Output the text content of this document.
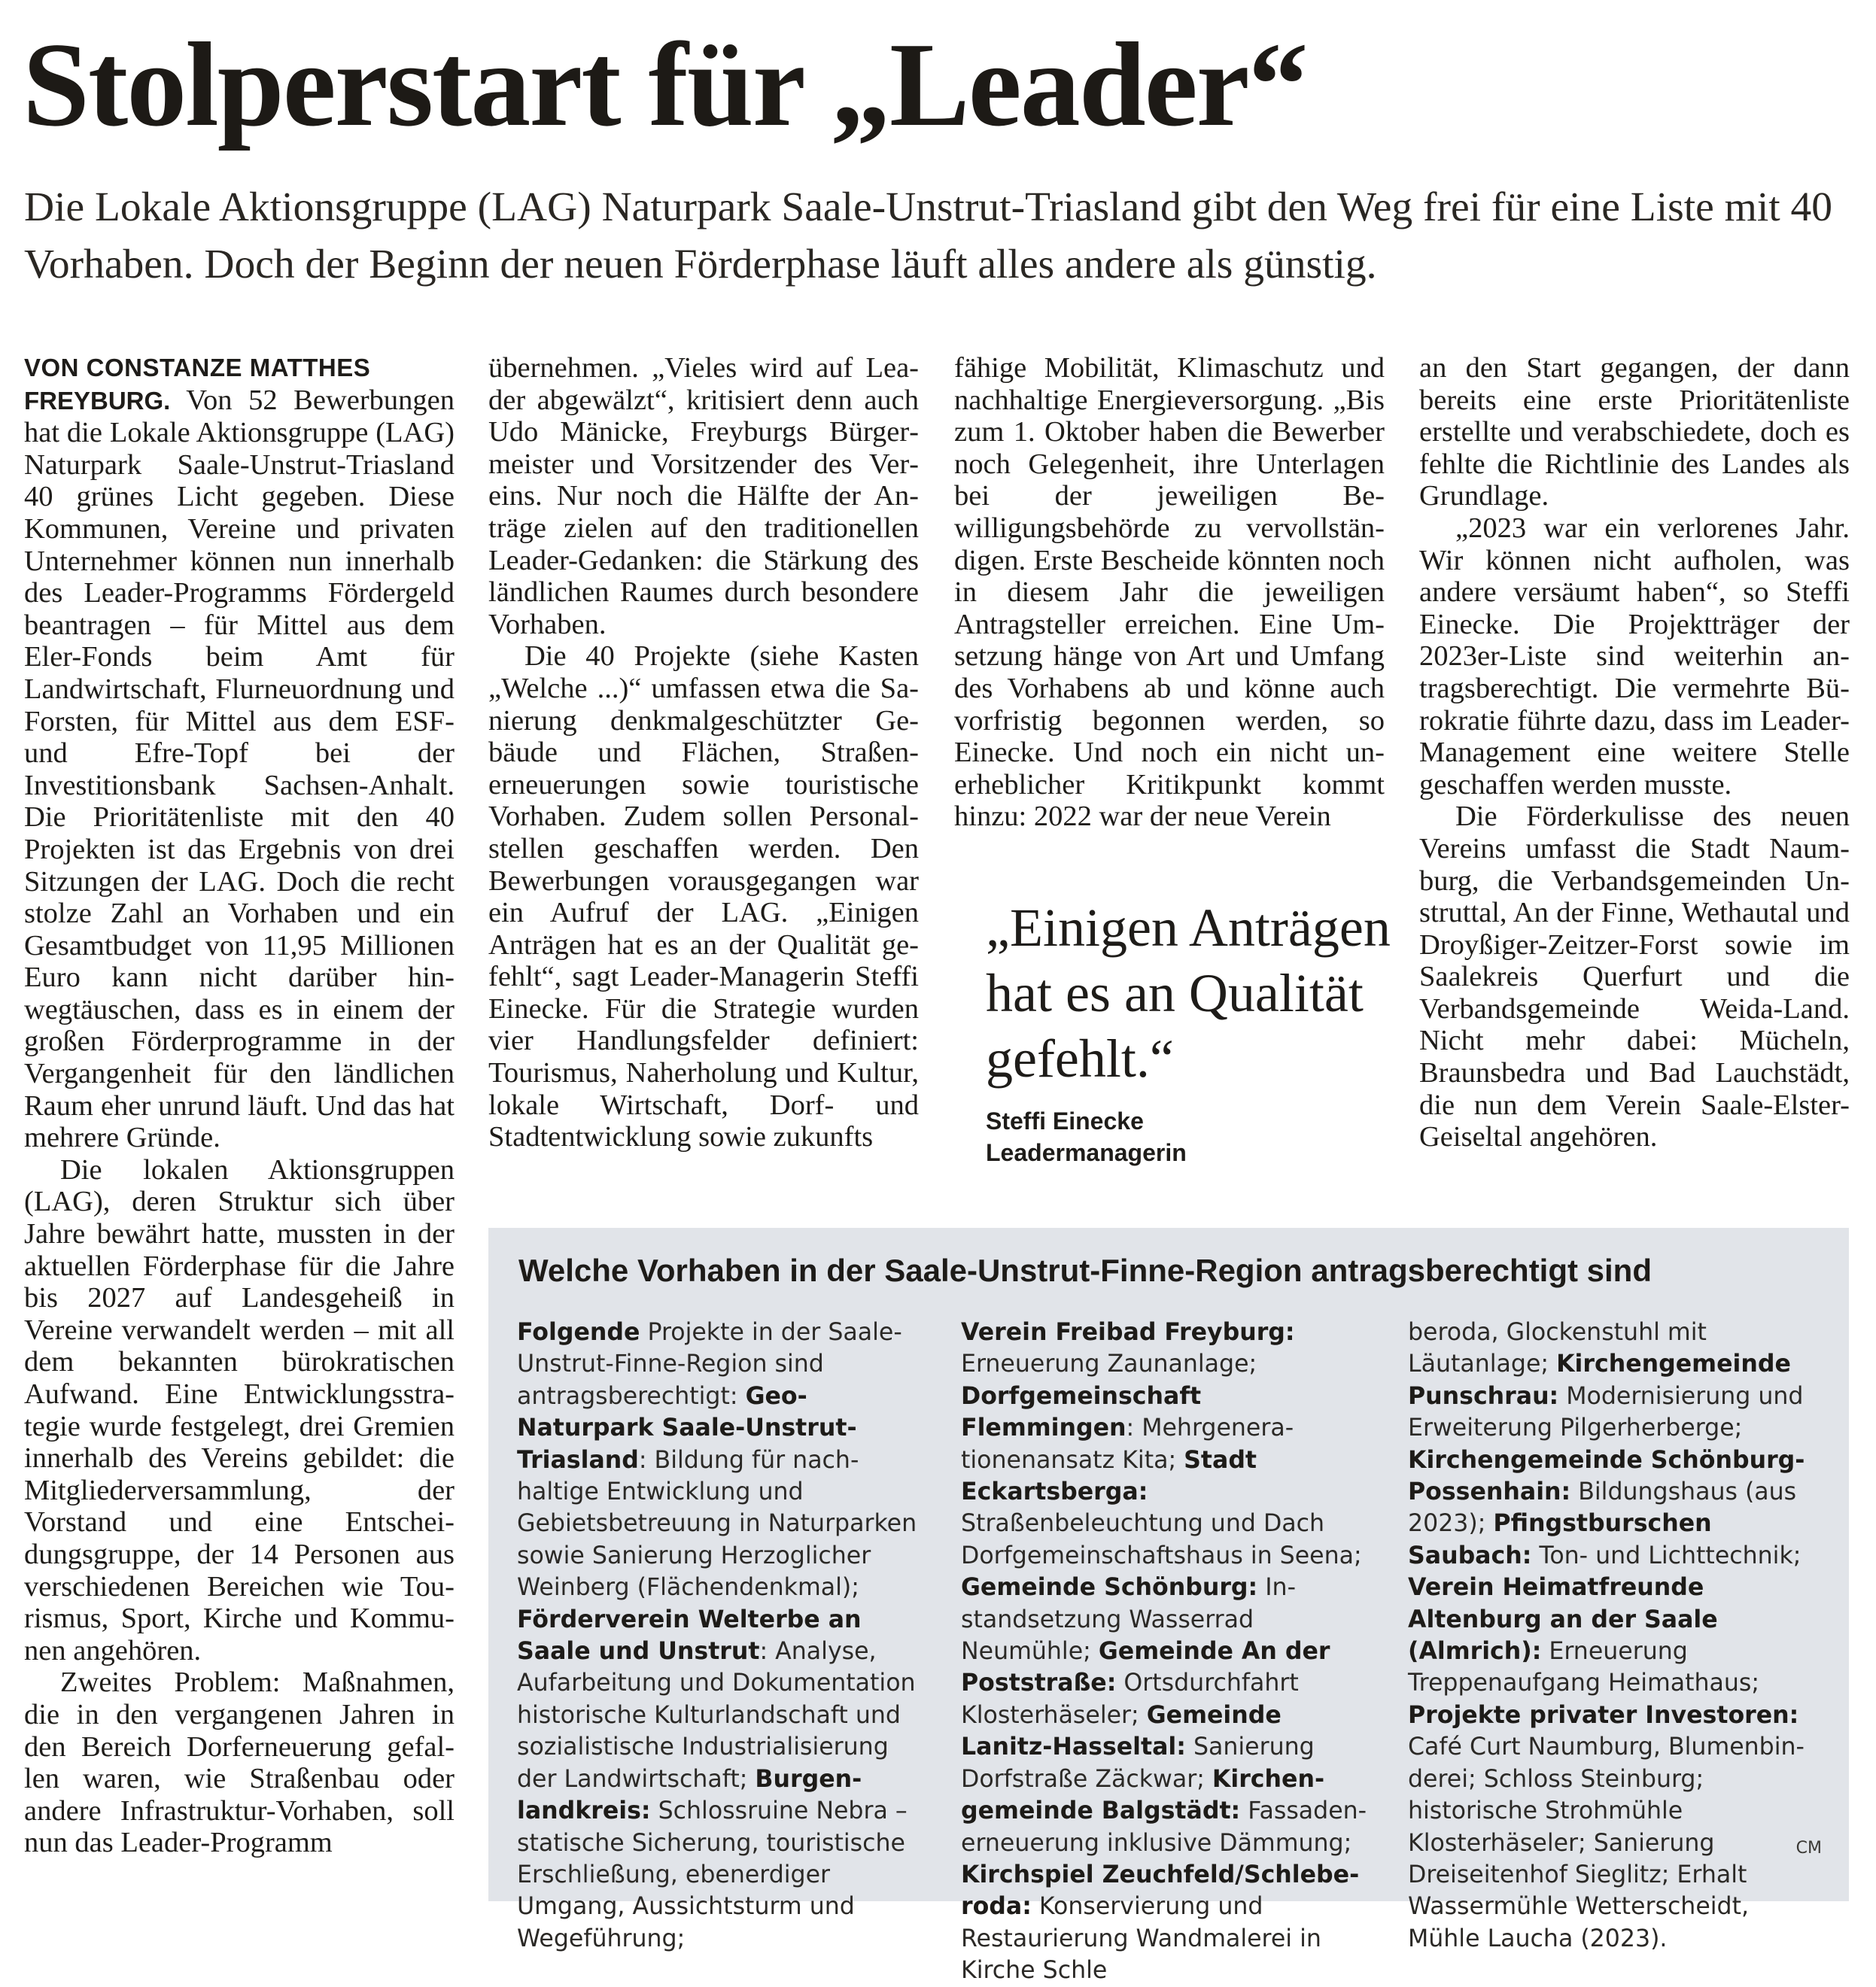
Stolperstart für „Leader“

Die Lokale Aktionsgruppe (LAG) Naturpark Saale-Unstrut-Triasland gibt den Weg frei für eine Liste mit 40 Vorhaben. Doch der Beginn der neuen Förderphase läuft alles andere als günstig.

VON CONSTANZE MATTHES

FREYBURG. Von 52 Bewerbungen hat die Lokale Aktionsgruppe (LAG) Naturpark Saale-Unstrut-Triasland 40 grünes Licht gegeben. Diese Kommunen, Vereine und privaten Unternehmer können nun innerhalb des Leader-Programms Fördergeld beantragen – für Mittel aus dem Eler-Fonds beim Amt für Landwirtschaft, Flurneuordnung und Forsten, für Mittel aus dem ESF- und Efre-Topf bei der Investitionsbank Sachsen-Anhalt. Die Prioritätenliste mit den 40 Projekten ist das Ergebnis von drei Sitzungen der LAG. Doch die recht stolze Zahl an Vorhaben und ein Gesamtbudget von 11,95 Millionen Euro kann nicht darüber hinwegtäuschen, dass es in einem der großen Förderprogramme in der Vergangenheit für den ländlichen Raum eher unrund läuft. Und das hat mehrere Gründe.

Die lokalen Aktionsgruppen (LAG), deren Struktur sich über Jahre bewährt hatte, mussten in der aktuellen Förderphase für die Jahre bis 2027 auf Landesgeheiß in Vereine verwandelt werden – mit all dem bekannten bürokratischen Aufwand. Eine Entwicklungsstrategie wurde festgelegt, drei Gremien innerhalb des Vereins gebildet: die Mitgliederversammlung, der Vorstand und eine Entscheidungsgruppe, der 14 Personen aus verschiedenen Bereichen wie Tourismus, Sport, Kirche und Kommunen angehören.

Zweites Problem: Maßnahmen, die in den vergangenen Jahren in den Bereich Dorferneuerung gefallen waren, wie Straßenbau oder andere Infrastruktur-Vorhaben, soll nun das Leader-Programm

übernehmen. „Vieles wird auf Leader abgewälzt“, kritisiert denn auch Udo Mänicke, Freyburgs Bürgermeister und Vorsitzender des Vereins. Nur noch die Hälfte der Anträge zielen auf den traditionellen Leader-Gedanken: die Stärkung des ländlichen Raumes durch besondere Vorhaben.

Die 40 Projekte (siehe Kasten „Welche ...)“ umfassen etwa die Sanierung denkmalgeschützter Gebäude und Flächen, Straßenerneuerungen sowie touristische Vorhaben. Zudem sollen Personalstellen geschaffen werden. Den Bewerbungen vorausgegangen war ein Aufruf der LAG. „Einigen Anträgen hat es an der Qualität gefehlt“, sagt Leader-Managerin Steffi Einecke. Für die Strategie wurden vier Handlungsfelder definiert: Tourismus, Naherholung und Kultur, lokale Wirtschaft, Dorf- und Stadtentwicklung sowie zukunfts

fähige Mobilität, Klimaschutz und nachhaltige Energieversorgung. „Bis zum 1. Oktober haben die Bewerber noch Gelegenheit, ihre Unterlagen bei der jeweiligen Bewilligungsbehörde zu vervollständigen. Erste Bescheide könnten noch in diesem Jahr die jeweiligen Antragsteller erreichen. Eine Umsetzung hänge von Art und Umfang des Vorhabens ab und könne auch vorfristig begonnen werden, so Einecke. Und noch ein nicht unerheblicher Kritikpunkt kommt hinzu: 2022 war der neue Verein

an den Start gegangen, der dann bereits eine erste Prioritätenliste erstellte und verabschiedete, doch es fehlte die Richtlinie des Landes als Grundlage.

„2023 war ein verlorenes Jahr. Wir können nicht aufholen, was andere versäumt haben“, so Steffi Einecke. Die Projektträger der 2023er-Liste sind weiterhin antragsberechtigt. Die vermehrte Bürokratie führte dazu, dass im Leader-Management eine weitere Stelle geschaffen werden musste.

Die Förderkulisse des neuen Vereins umfasst die Stadt Naumburg, die Verbandsgemeinden Unstruttal, An der Finne, Wethautal und Droyßiger-Zeitzer-Forst sowie im Saalekreis Querfurt und die Verbandsgemeinde Weida-Land. Nicht mehr dabei: Mücheln, Braunsbedra und Bad Lauchstädt, die nun dem Verein Saale-Elster-Geiseltal angehören.

„Einigen Anträgen hat es an Qualität gefehlt.“

Steffi Einecke

Leadermanagerin

Welche Vorhaben in der Saale-Unstrut-Finne-Region antragsberechtigt sind

Folgende Projekte in der Saale-Unstrut-Finne-Region sind antragsberechtigt: Geo-Naturpark Saale-Unstrut-Triasland: Bildung für nachhaltige Entwicklung und Gebietsbetreuung in Naturparken sowie Sanierung Herzoglicher Weinberg (Flächendenkmal); Förderverein Welterbe an Saale und Unstrut: Analyse, Aufarbeitung und Dokumentation historische Kulturlandschaft und sozialistische Industrialisierung der Landwirtschaft; Burgenlandkreis: Schlossruine Nebra – statische Sicherung, touristische Erschließung, ebenerdiger Umgang, Aussichtsturm und Wegeführung;

Verein Freibad Freyburg: Erneuerung Zaunanlage; Dorfgemeinschaft Flemmingen: Mehrgenerationenansatz Kita; Stadt Eckartsberga: Straßenbeleuchtung und Dach Dorfgemeinschaftshaus in Seena; Gemeinde Schönburg: Instandsetzung Wasserrad Neumühle; Gemeinde An der Poststraße: Ortsdurchfahrt Klosterhäseler; Gemeinde Lanitz-Hasseltal: Sanierung Dorfstraße Zäckwar; Kirchengemeinde Balgstädt: Fassadenerneuerung inklusive Dämmung; Kirchspiel Zeuchfeld/Schleberoda: Konservierung und Restaurierung Wandmalerei in Kirche Schle

beroda, Glockenstuhl mit Läutanlage; Kirchengemeinde Punschrau: Modernisierung und Erweiterung Pilgerherberge; Kirchengemeinde Schönburg-Possenhain: Bildungshaus (aus 2023); Pfingstburschen Saubach: Ton- und Lichttechnik; Verein Heimatfreunde Altenburg an der Saale (Almrich): Erneuerung Treppenaufgang Heimathaus; Projekte privater Investoren: Café Curt Naumburg, Blumenbinderei; Schloss Steinburg; historische Strohmühle Klosterhäseler; Sanierung Dreiseitenhof Sieglitz; Erhalt Wassermühle Wetterscheidt, Mühle Laucha (2023).

CM
